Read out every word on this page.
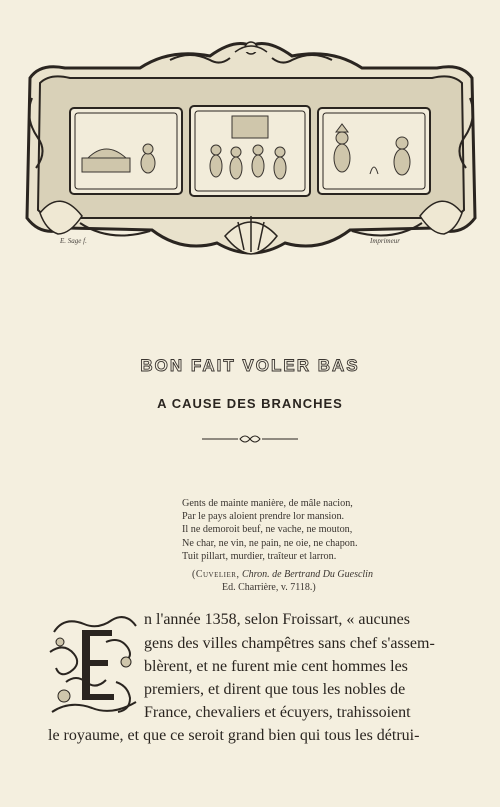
E. Sage f.	Imprimeur
BON FAIT VOLER BAS
A CAUSE DES BRANCHES
Gents de mainte manière, de mâle nacion,
Par le pays aloient prendre lor mansion.
Il ne demoroit beuf, ne vache, ne mouton,
Ne char, ne vin, ne pain, ne oie, ne chapon.
Tuit pillart, murdier, traîteur et larron.
(Cuvelier, Chron. de Bertrand Du Guesclin
Ed. Charrière, v. 7118.)
n l'année 1358, selon Froissart, « aucunes
gens des villes champêtres sans chef s'assem-
blèrent, et ne furent mie cent hommes les
premiers, et dirent que tous les nobles de
France, chevaliers et écuyers, trahissoient
le royaume, et que ce seroit grand bien qui tous les détrui-
